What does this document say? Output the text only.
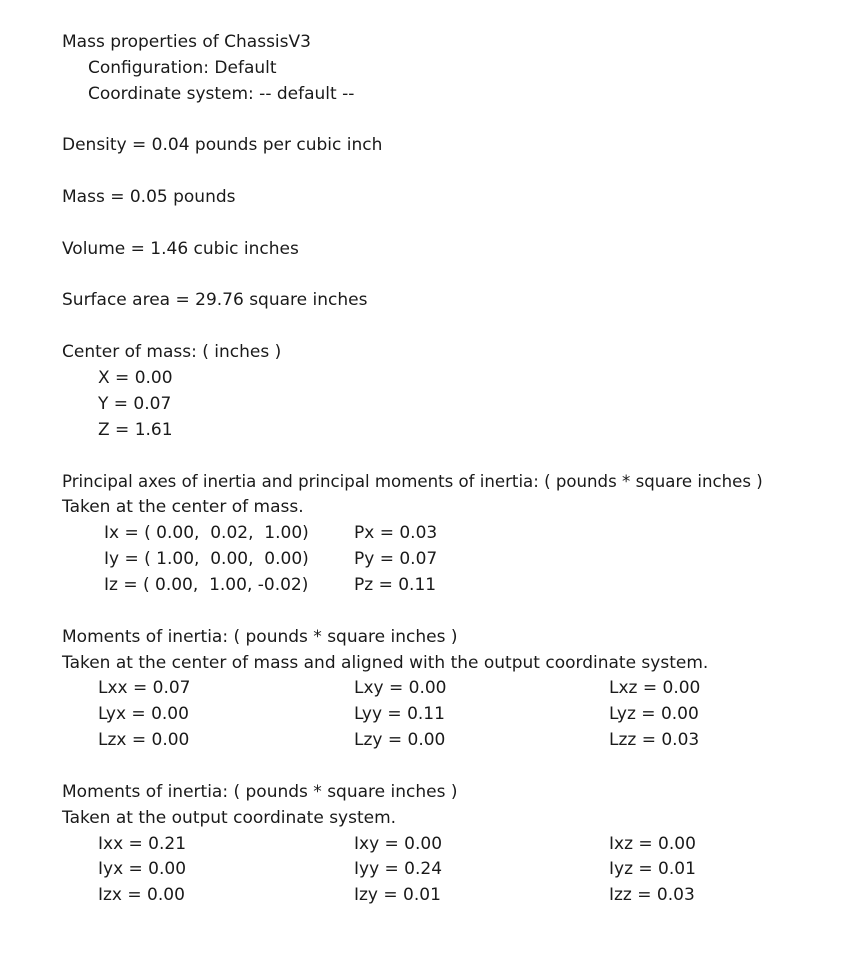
Mass properties of ChassisV3
Configuration: Default
Coordinate system: -- default --
Density = 0.04 pounds per cubic inch
Mass = 0.05 pounds
Volume = 1.46 cubic inches
Surface area = 29.76 square inches
Center of mass: ( inches )
X = 0.00
Y = 0.07
Z = 1.61
Principal axes of inertia and principal moments of inertia: ( pounds * square inches )
Taken at the center of mass.
Ix = ( 0.00,  0.02,  1.00)	Px = 0.03
Iy = ( 1.00,  0.00,  0.00)	Py = 0.07
Iz = ( 0.00,  1.00, -0.02)	Pz = 0.11
Moments of inertia: ( pounds * square inches )
Taken at the center of mass and aligned with the output coordinate system.
Lxx = 0.07	Lxy = 0.00	Lxz = 0.00
Lyx = 0.00	Lyy = 0.11	Lyz = 0.00
Lzx = 0.00	Lzy = 0.00	Lzz = 0.03
Moments of inertia: ( pounds * square inches )
Taken at the output coordinate system.
Ixx = 0.21	Ixy = 0.00	Ixz = 0.00
Iyx = 0.00	Iyy = 0.24	Iyz = 0.01
Izx = 0.00	Izy = 0.01	Izz = 0.03
